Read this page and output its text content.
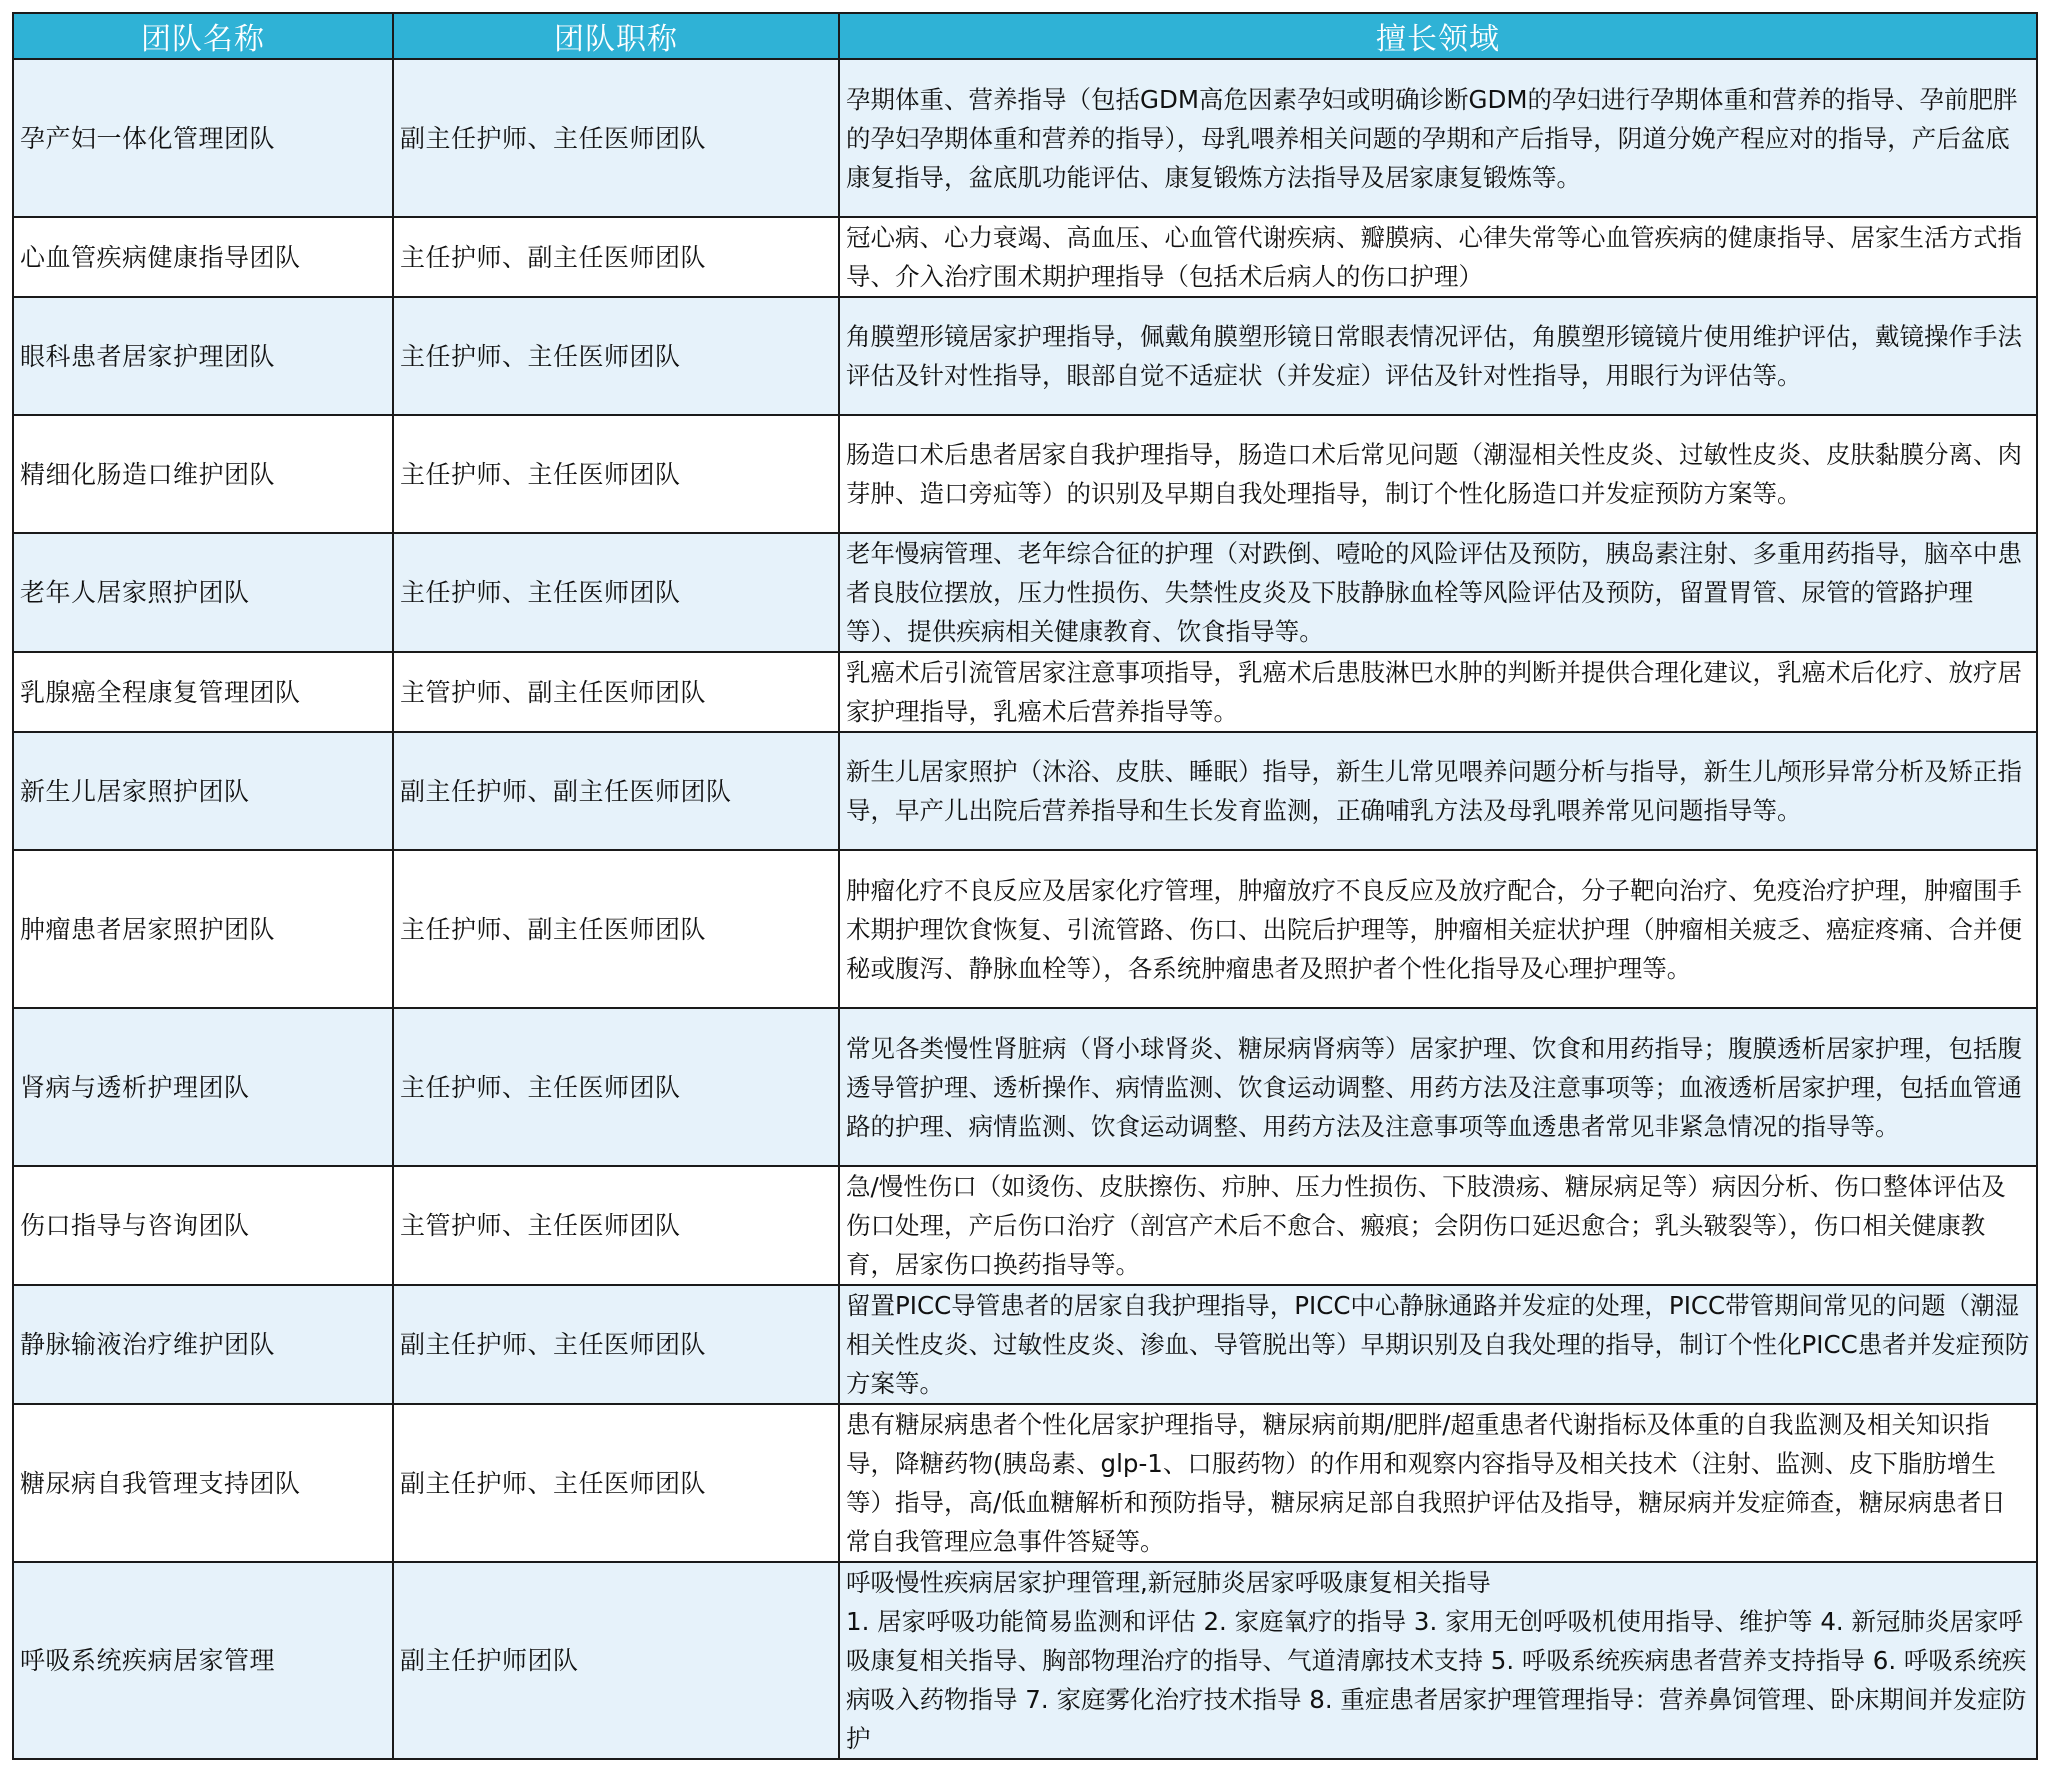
团队名称	团队职称	擅长领域
孕产妇一体化管理团队	副主任护师、主任医师团队	孕期体重、营养指导（包括GDM高危因素孕妇或明确诊断GDM的孕妇进行孕期体重和营养的指导、孕前肥胖的孕妇孕期体重和营养的指导），母乳喂养相关问题的孕期和产后指导，阴道分娩产程应对的指导，产后盆底康复指导，盆底肌功能评估、康复锻炼方法指导及居家康复锻炼等。
心血管疾病健康指导团队	主任护师、副主任医师团队	冠心病、心力衰竭、高血压、心血管代谢疾病、瓣膜病、心律失常等心血管疾病的健康指导、居家生活方式指导、介入治疗围术期护理指导（包括术后病人的伤口护理）
眼科患者居家护理团队	主任护师、主任医师团队	角膜塑形镜居家护理指导，佩戴角膜塑形镜日常眼表情况评估，角膜塑形镜镜片使用维护评估，戴镜操作手法评估及针对性指导，眼部自觉不适症状（并发症）评估及针对性指导，用眼行为评估等。
精细化肠造口维护团队	主任护师、主任医师团队	肠造口术后患者居家自我护理指导，肠造口术后常见问题（潮湿相关性皮炎、过敏性皮炎、皮肤黏膜分离、肉芽肿、造口旁疝等）的识别及早期自我处理指导，制订个性化肠造口并发症预防方案等。
老年人居家照护团队	主任护师、主任医师团队	老年慢病管理、老年综合征的护理（对跌倒、噎呛的风险评估及预防，胰岛素注射、多重用药指导，脑卒中患者良肢位摆放，压力性损伤、失禁性皮炎及下肢静脉血栓等风险评估及预防，留置胃管、尿管的管路护理等）、提供疾病相关健康教育、饮食指导等。
乳腺癌全程康复管理团队	主管护师、副主任医师团队	乳癌术后引流管居家注意事项指导，乳癌术后患肢淋巴水肿的判断并提供合理化建议，乳癌术后化疗、放疗居家护理指导，乳癌术后营养指导等。
新生儿居家照护团队	副主任护师、副主任医师团队	新生儿居家照护（沐浴、皮肤、睡眠）指导，新生儿常见喂养问题分析与指导，新生儿颅形异常分析及矫正指导，早产儿出院后营养指导和生长发育监测，正确哺乳方法及母乳喂养常见问题指导等。
肿瘤患者居家照护团队	主任护师、副主任医师团队	肿瘤化疗不良反应及居家化疗管理，肿瘤放疗不良反应及放疗配合，分子靶向治疗、免疫治疗护理，肿瘤围手术期护理饮食恢复、引流管路、伤口、出院后护理等，肿瘤相关症状护理（肿瘤相关疲乏、癌症疼痛、合并便秘或腹泻、静脉血栓等），各系统肿瘤患者及照护者个性化指导及心理护理等。
肾病与透析护理团队	主任护师、主任医师团队	常见各类慢性肾脏病（肾小球肾炎、糖尿病肾病等）居家护理、饮食和用药指导；腹膜透析居家护理，包括腹透导管护理、透析操作、病情监测、饮食运动调整、用药方法及注意事项等；血液透析居家护理，包括血管通路的护理、病情监测、饮食运动调整、用药方法及注意事项等血透患者常见非紧急情况的指导等。
伤口指导与咨询团队	主管护师、主任医师团队	急/慢性伤口（如烫伤、皮肤擦伤、疖肿、压力性损伤、下肢溃疡、糖尿病足等）病因分析、伤口整体评估及伤口处理，产后伤口治疗（剖宫产术后不愈合、瘢痕；会阴伤口延迟愈合；乳头皲裂等），伤口相关健康教育，居家伤口换药指导等。
静脉输液治疗维护团队	副主任护师、主任医师团队	留置PICC导管患者的居家自我护理指导，PICC中心静脉通路并发症的处理，PICC带管期间常见的问题（潮湿相关性皮炎、过敏性皮炎、渗血、导管脱出等）早期识别及自我处理的指导，制订个性化PICC患者并发症预防方案等。
糖尿病自我管理支持团队	副主任护师、主任医师团队	患有糖尿病患者个性化居家护理指导，糖尿病前期/肥胖/超重患者代谢指标及体重的自我监测及相关知识指导，降糖药物(胰岛素、glp-1、口服药物）的作用和观察内容指导及相关技术（注射、监测、皮下脂肪增生等）指导，高/低血糖解析和预防指导，糖尿病足部自我照护评估及指导，糖尿病并发症筛查，糖尿病患者日常自我管理应急事件答疑等。
呼吸系统疾病居家管理	副主任护师团队	呼吸慢性疾病居家护理管理,新冠肺炎居家呼吸康复相关指导
1. 居家呼吸功能简易监测和评估 2. 家庭氧疗的指导 3. 家用无创呼吸机使用指导、维护等 4. 新冠肺炎居家呼吸康复相关指导、胸部物理治疗的指导、气道清廓技术支持 5. 呼吸系统疾病患者营养支持指导 6. 呼吸系统疾病吸入药物指导 7. 家庭雾化治疗技术指导 8. 重症患者居家护理管理指导：营养鼻饲管理、卧床期间并发症防护
